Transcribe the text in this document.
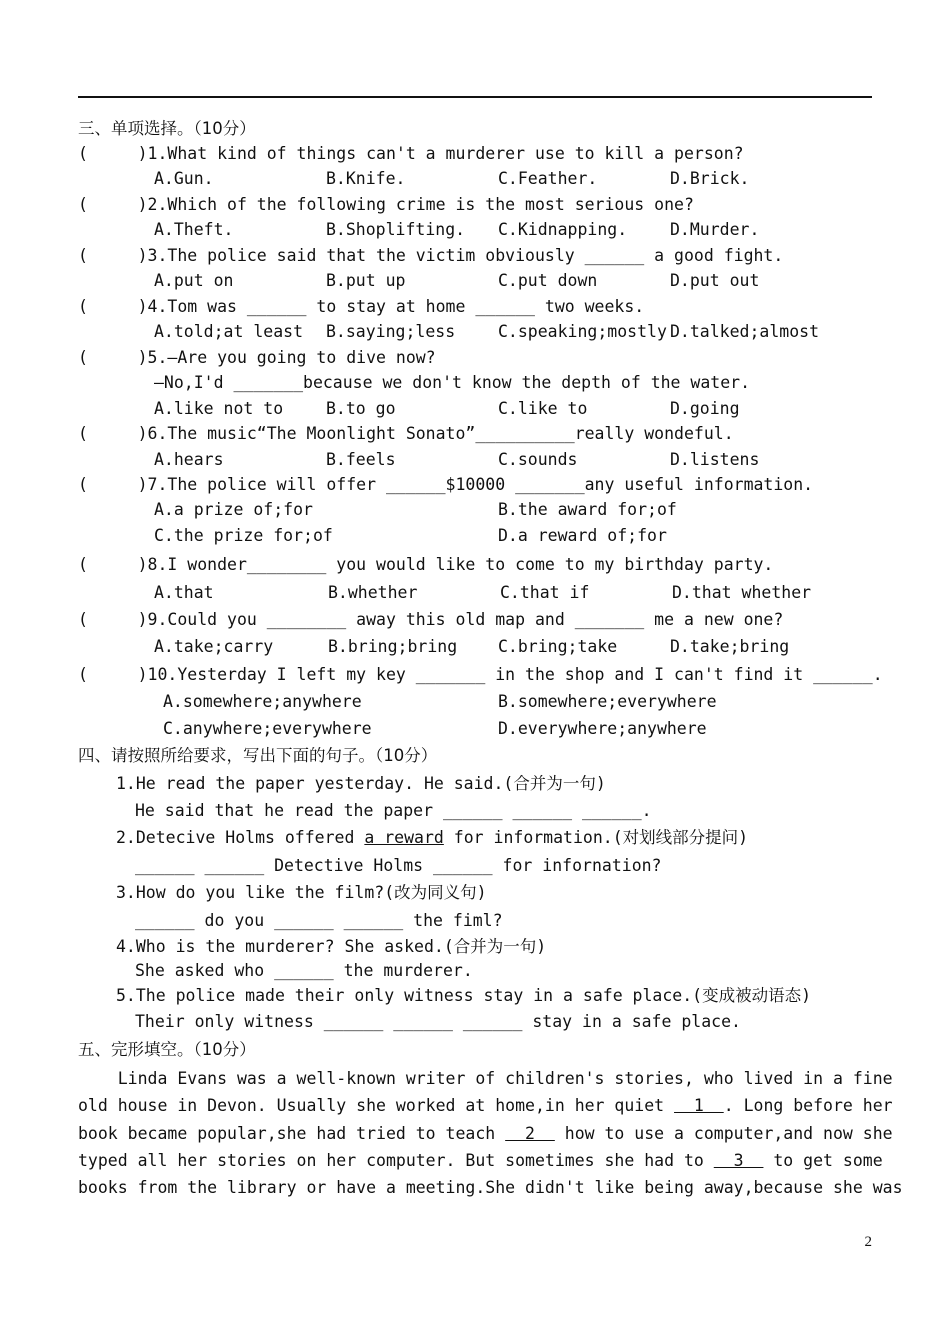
三、单项选择。（10分）
(     )1.What kind of things can't a murderer use to kill a person?
A.Gun.	B.Knife.	C.Feather.	D.Brick.
(     )2.Which of the following crime is the most serious one?
A.Theft.	B.Shoplifting. C.Kidnapping.	D.Murder.
(     )3.The police said that the victim obviously ______ a good fight.
A.put on	B.put up	C.put down	D.put out
(     )4.Tom was ______ to stay at home ______ two weeks.
A.told;at least B.saying;less	C.speaking;mostly D.talked;almost
(     )5.—Are you going to dive now?
—No,I'd _______because we don't know the depth of the water.
A.like not to	B.to go	C.like to	D.going
(     )6.The music“The Moonlight Sonato”__________really wondeful.
A.hears	B.feels	C.sounds	D.listens
(     )7.The police will offer ______$10000 _______any useful information.
A.a prize of;for	B.the award for;of
C.the prize for;of	D.a reward of;for
(     )8.I wonder________ you would like to come to my birthday party.
A.that	B.whether	C.that if	D.that whether
(     )9.Could you ________ away this old map and _______ me a new one?
A.take;carry	B.bring;bring C.bring;take	D.take;bring
(     )10.Yesterday I left my key _______ in the shop and I can't find it ______.
A.somewhere;anywhere	B.somewhere;everywhere
C.anywhere;everywhere	D.everywhere;anywhere
四、请按照所给要求，写出下面的句子。（10分）
1.He read the paper yesterday. He said.(合并为一句)
He said that he read the paper ______ ______ ______.
2.Detecive Holms offered a reward for information.(对划线部分提问)
______ ______ Detective Holms ______ for infornation?
3.How do you like the film?(改为同义句)
______ do you ______ ______ the fiml?
4.Who is the murderer? She asked.(合并为一句)
She asked who ______ the murderer.
5.The police made their only witness stay in a safe place.(变成被动语态)
Their only witness ______ ______ ______ stay in a safe place.
五、完形填空。（10分）
Linda Evans was a well-known writer of children's stories, who lived in a fine
old house in Devon. Usually she worked at home,in her quiet   1  . Long before her
book became popular,she had tried to teach   2   how to use a computer,and now she
typed all her stories on her computer. But sometimes she had to   3   to get some
books from the library or have a meeting.She didn't like being away,because she was
2
